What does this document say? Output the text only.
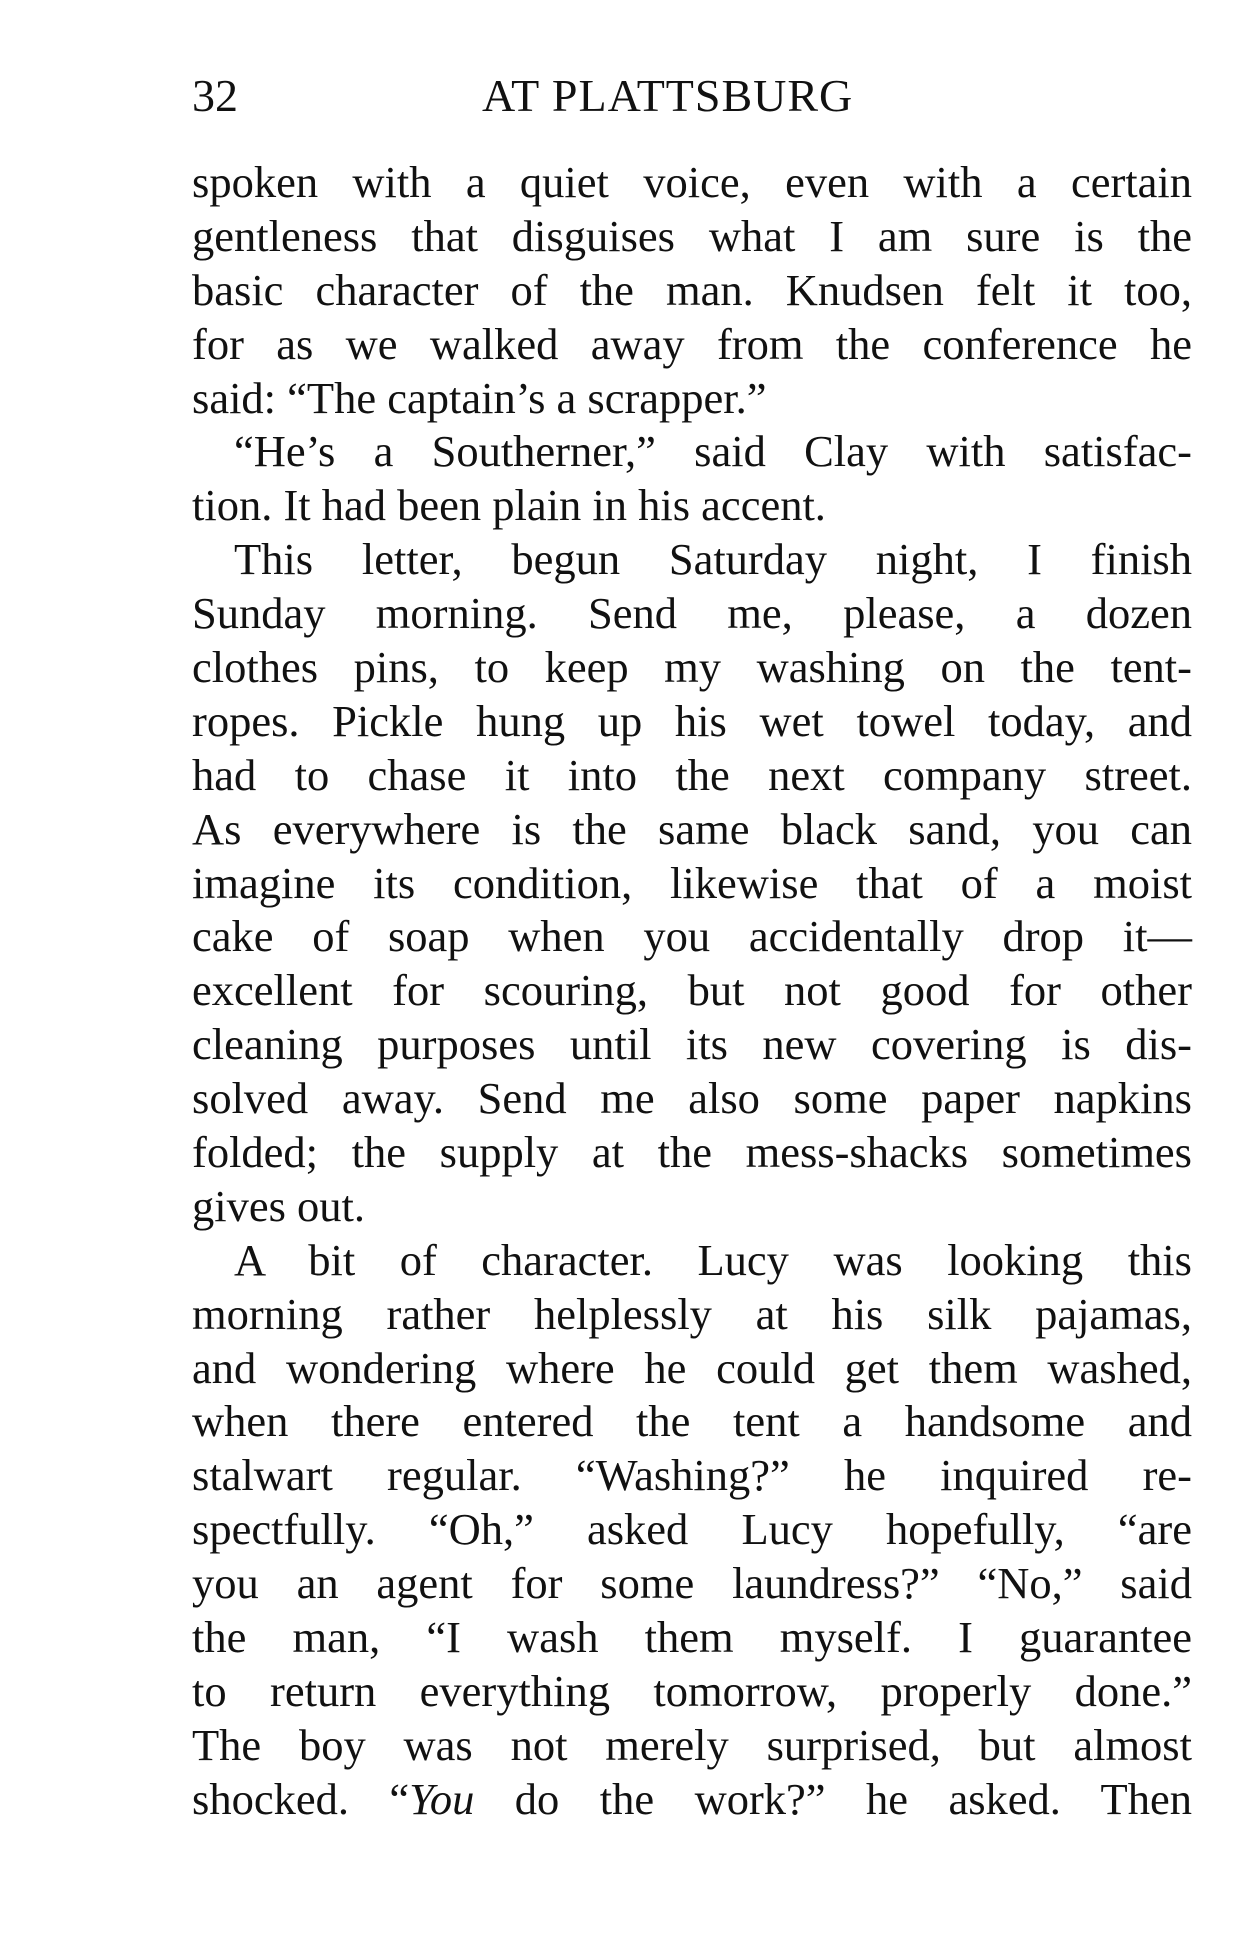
32	AT PLATTSBURG
spoken with a quiet voice, even with a certain
gentleness that disguises what I am sure is the
basic character of the man. Knudsen felt it too,
for as we walked away from the conference he
said: “The captain’s a scrapper.”
“He’s a Southerner,” said Clay with satisfac-
tion. It had been plain in his accent.
This letter, begun Saturday night, I finish
Sunday morning. Send me, please, a dozen
clothes pins, to keep my washing on the tent-
ropes. Pickle hung up his wet towel today, and
had to chase it into the next company street.
As everywhere is the same black sand, you can
imagine its condition, likewise that of a moist
cake of soap when you accidentally drop it—
excellent for scouring, but not good for other
cleaning purposes until its new covering is dis-
solved away. Send me also some paper napkins
folded; the supply at the mess-shacks sometimes
gives out.
A bit of character. Lucy was looking this
morning rather helplessly at his silk pajamas,
and wondering where he could get them washed,
when there entered the tent a handsome and
stalwart regular. “Washing?” he inquired re-
spectfully. “Oh,” asked Lucy hopefully, “are
you an agent for some laundress?” “No,” said
the man, “I wash them myself. I guarantee
to return everything tomorrow, properly done.”
The boy was not merely surprised, but almost
shocked. “You do the work?” he asked. Then
